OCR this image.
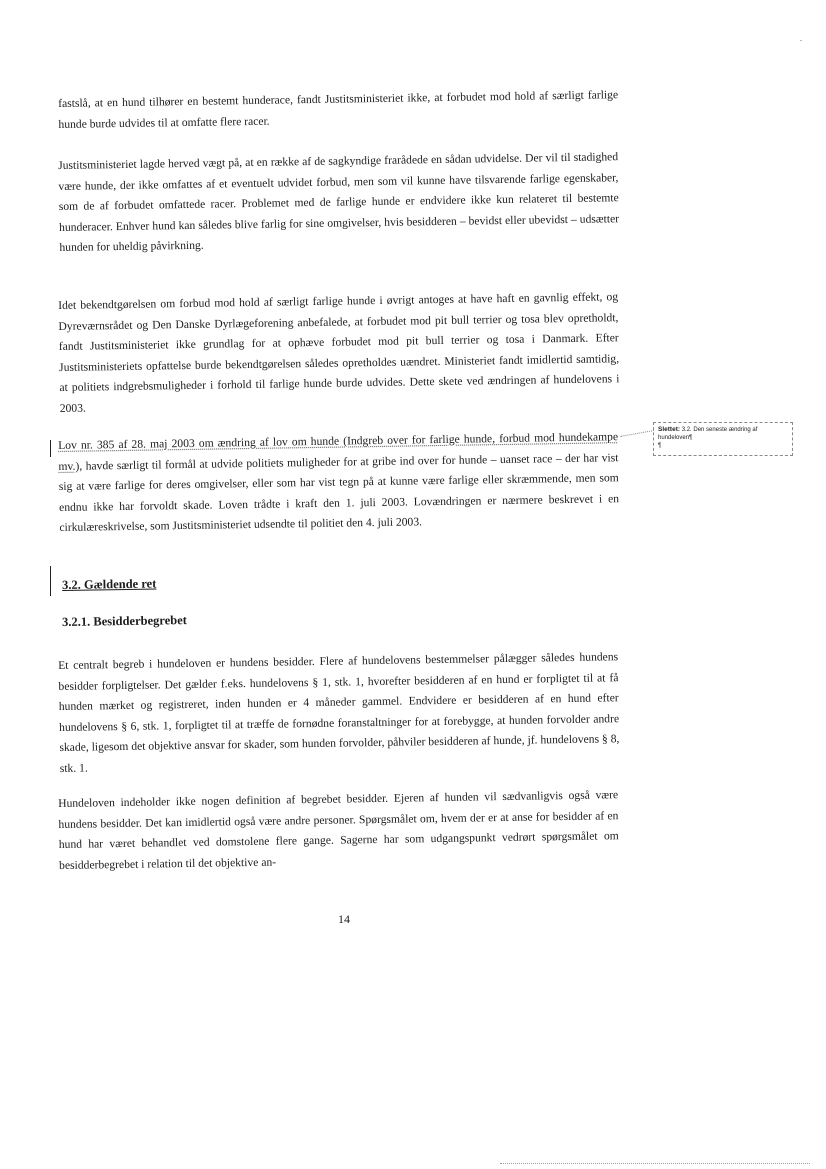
fastslå, at en hund tilhører en bestemt hunderace, fandt Justitsministeriet ikke, at forbudet mod hold af særligt farlige hunde burde udvides til at omfatte flere racer.

Justitsministeriet lagde herved vægt på, at en række af de sagkyndige frarådede en sådan udvidelse. Der vil til stadighed være hunde, der ikke omfattes af et eventuelt udvidet forbud, men som vil kunne have tilsvarende farlige egenskaber, som de af forbudet omfattede racer. Problemet med de farlige hunde er endvidere ikke kun relateret til bestemte hunderacer. Enhver hund kan således blive farlig for sine omgivelser, hvis besidderen – bevidst eller ubevidst – udsætter hunden for uheldig påvirkning.

Idet bekendtgørelsen om forbud mod hold af særligt farlige hunde i øvrigt antoges at have haft en gavnlig effekt, og Dyreværnsrådet og Den Danske Dyrlægeforening anbefalede, at forbudet mod pit bull terrier og tosa blev opretholdt, fandt Justitsministeriet ikke grundlag for at ophæve forbudet mod pit bull terrier og tosa i Danmark. Efter Justitsministeriets opfattelse burde bekendtgørelsen således opretholdes uændret. Ministeriet fandt imidlertid samtidig, at politiets indgrebsmuligheder i forhold til farlige hunde burde udvides. Dette skete ved ændringen af hundelovens i 2003.

Lov nr. 385 af 28. maj 2003 om ændring af lov om hunde (Indgreb over for farlige hunde, forbud mod hundekampe mv.), havde særligt til formål at udvide politiets muligheder for at gribe ind over for hunde – uanset race – der har vist sig at være farlige for deres omgivelser, eller som har vist tegn på at kunne være farlige eller skræmmende, men som endnu ikke har forvoldt skade. Loven trådte i kraft den 1. juli 2003. Lovændringen er nærmere beskrevet i en cirkulæreskrivelse, som Justitsministeriet udsendte til politiet den 4. juli 2003.

Slettet: 3.2. Den seneste ændring af hundeloven¶
¶
3.2. Gældende ret
3.2.1. Besidderbegrebet

Et centralt begreb i hundeloven er hundens besidder. Flere af hundelovens bestemmelser pålægger således hundens besidder forpligtelser. Det gælder f.eks. hundelovens § 1, stk. 1, hvorefter besidderen af en hund er forpligtet til at få hunden mærket og registreret, inden hunden er 4 måneder gammel. Endvidere er besidderen af en hund efter hundelovens § 6, stk. 1, forpligtet til at træffe de fornødne foranstaltninger for at forebygge, at hunden forvolder andre skade, ligesom det objektive ansvar for skader, som hunden forvolder, påhviler besidderen af hunde, jf. hundelovens § 8, stk. 1.

Hundeloven indeholder ikke nogen definition af begrebet besidder. Ejeren af hunden vil sædvanligvis også være hundens besidder. Det kan imidlertid også være andre personer. Spørgsmålet om, hvem der er at anse for besidder af en hund har været behandlet ved domstolene flere gange. Sagerne har som udgangspunkt vedrørt spørgsmålet om besidderbegrebet i relation til det objektive an-

14
